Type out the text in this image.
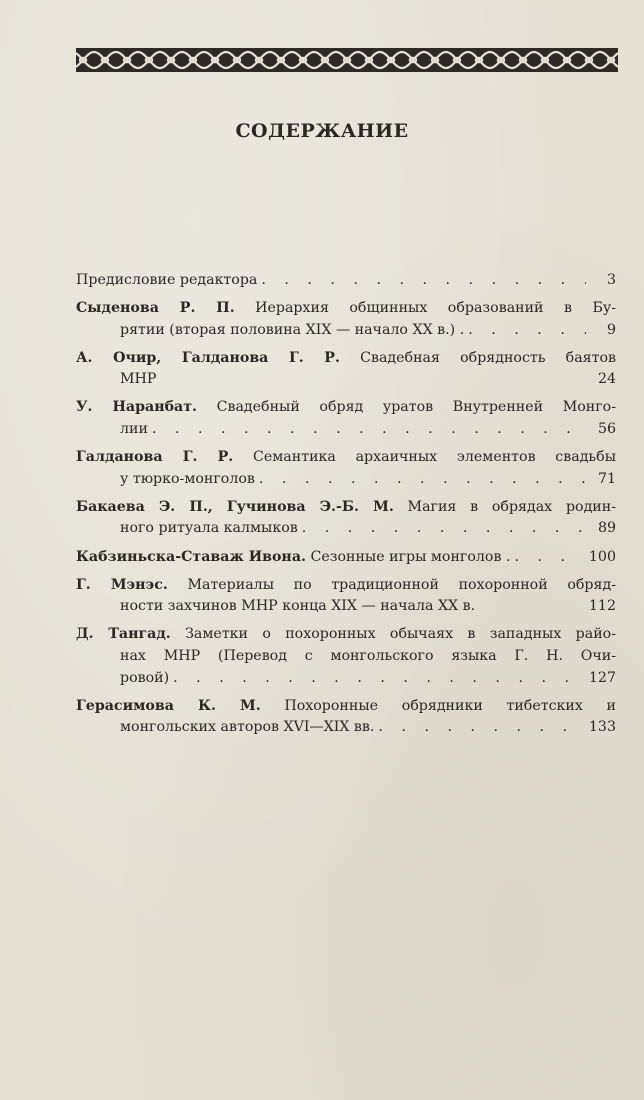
СОДЕРЖАНИЕ
Предисловие редактора . . .	3
Сыденова Р. П. Иерархия общинных образований в Бу-
рятии (вторая половина XIX — начало XX в.) . . . .	9
А. Очир, Галданова Г. Р. Свадебная обрядность баятов
МНР	24
У. Наранбат. Свадебный обряд уратов Внутренней Монго-
лии . . .	56
Галданова Г. Р. Семантика архаичных элементов свадьбы
у тюрко-монголов . . .	71
Бакаева Э. П., Гучинова Э.-Б. М. Магия в обрядах родин-
ного ритуала калмыков . . .	89
Кабзиньска-Ставаж Ивона. Сезонные игры монголов . . . .	100
Г. Мэнэс. Материалы по традиционной похоронной обряд-
ности захчинов МНР конца XIX — начала XX в.	112
Д. Тангад. Заметки о похоронных обычаях в западных райо-
нах МНР (Перевод с монгольского языка Г. Н. Очи-
ровой) . . .	127
Герасимова К. М. Похоронные обрядники тибетских и
монгольских авторов XVI—XIX вв. . . .	133
